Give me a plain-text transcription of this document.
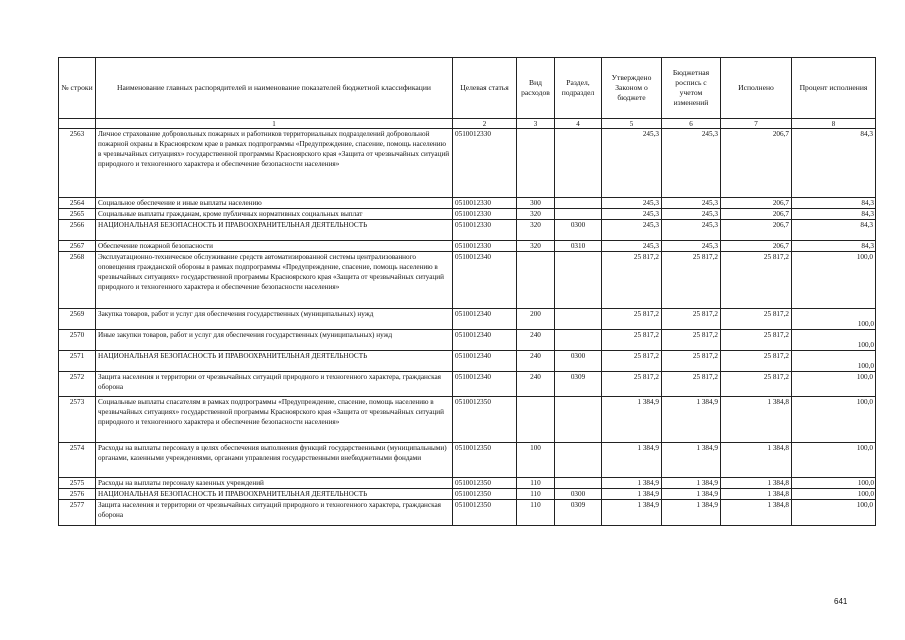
№ строки	Наименование главных распорядителей и наименование показателей бюджетной классификации	Целевая статья	Вид расходов	Раздел, подраздел	Утверждено Законом о бюджете	Бюджетная роспись с учетом изменений	Исполнено	Процент исполнения
	1	2	3	4	5	6	7	8
2563	Личное страхование добровольных пожарных и работников территориальных подразделений добровольной пожарной охраны в Красноярском крае в рамках подпрограммы «Предупреждение, спасение, помощь населению в чрезвычайных ситуациях» государственной программы Красноярского края «Защита от чрезвычайных ситуаций природного и техногенного характера и обеспечение безопасности населения»	0510012330			245,3	245,3	206,7	84,3
2564	Социальное обеспечение и иные выплаты населению	0510012330	300		245,3	245,3	206,7	84,3
2565	Социальные выплаты гражданам, кроме публичных нормативных социальных выплат	0510012330	320		245,3	245,3	206,7	84,3
2566	НАЦИОНАЛЬНАЯ БЕЗОПАСНОСТЬ И ПРАВООХРАНИТЕЛЬНАЯ ДЕЯТЕЛЬНОСТЬ	0510012330	320	0300	245,3	245,3	206,7	84,3
2567	Обеспечение пожарной безопасности	0510012330	320	0310	245,3	245,3	206,7	84,3
2568	Эксплуатационно-техническое обслуживание средств автоматизированной системы централизованного оповещения гражданской обороны в рамках подпрограммы «Предупреждение, спасение, помощь населению в чрезвычайных ситуациях» государственной программы Красноярского края «Защита от чрезвычайных ситуаций природного и техногенного характера и обеспечение безопасности населения»	0510012340			25 817,2	25 817,2	25 817,2	100,0
2569	Закупка товаров, работ и услуг для обеспечения государственных (муниципальных) нужд	0510012340	200		25 817,2	25 817,2	25 817,2	100,0
2570	Иные закупки товаров, работ и услуг для обеспечения государственных (муниципальных) нужд	0510012340	240		25 817,2	25 817,2	25 817,2	100,0
2571	НАЦИОНАЛЬНАЯ БЕЗОПАСНОСТЬ И ПРАВООХРАНИТЕЛЬНАЯ ДЕЯТЕЛЬНОСТЬ	0510012340	240	0300	25 817,2	25 817,2	25 817,2	100,0
2572	Защита населения и территории от чрезвычайных ситуаций природного и техногенного характера, гражданская оборона	0510012340	240	0309	25 817,2	25 817,2	25 817,2	100,0
2573	Социальные выплаты спасателям в рамках подпрограммы «Предупреждение, спасение, помощь населению в чрезвычайных ситуациях» государственной программы Красноярского края «Защита от чрезвычайных ситуаций природного и техногенного характера и обеспечение безопасности населения»	0510012350			1 384,9	1 384,9	1 384,8	100,0
2574	Расходы на выплаты персоналу в целях обеспечения выполнения функций государственными (муниципальными) органами, казенными учреждениями, органами управления государственными внебюджетными фондами	0510012350	100		1 384,9	1 384,9	1 384,8	100,0
2575	Расходы на выплаты персоналу казенных учреждений	0510012350	110		1 384,9	1 384,9	1 384,8	100,0
2576	НАЦИОНАЛЬНАЯ БЕЗОПАСНОСТЬ И ПРАВООХРАНИТЕЛЬНАЯ ДЕЯТЕЛЬНОСТЬ	0510012350	110	0300	1 384,9	1 384,9	1 384,8	100,0
2577	Защита населения и территории от чрезвычайных ситуаций природного и техногенного характера, гражданская оборона	0510012350	110	0309	1 384,9	1 384,9	1 384,8	100,0
641
